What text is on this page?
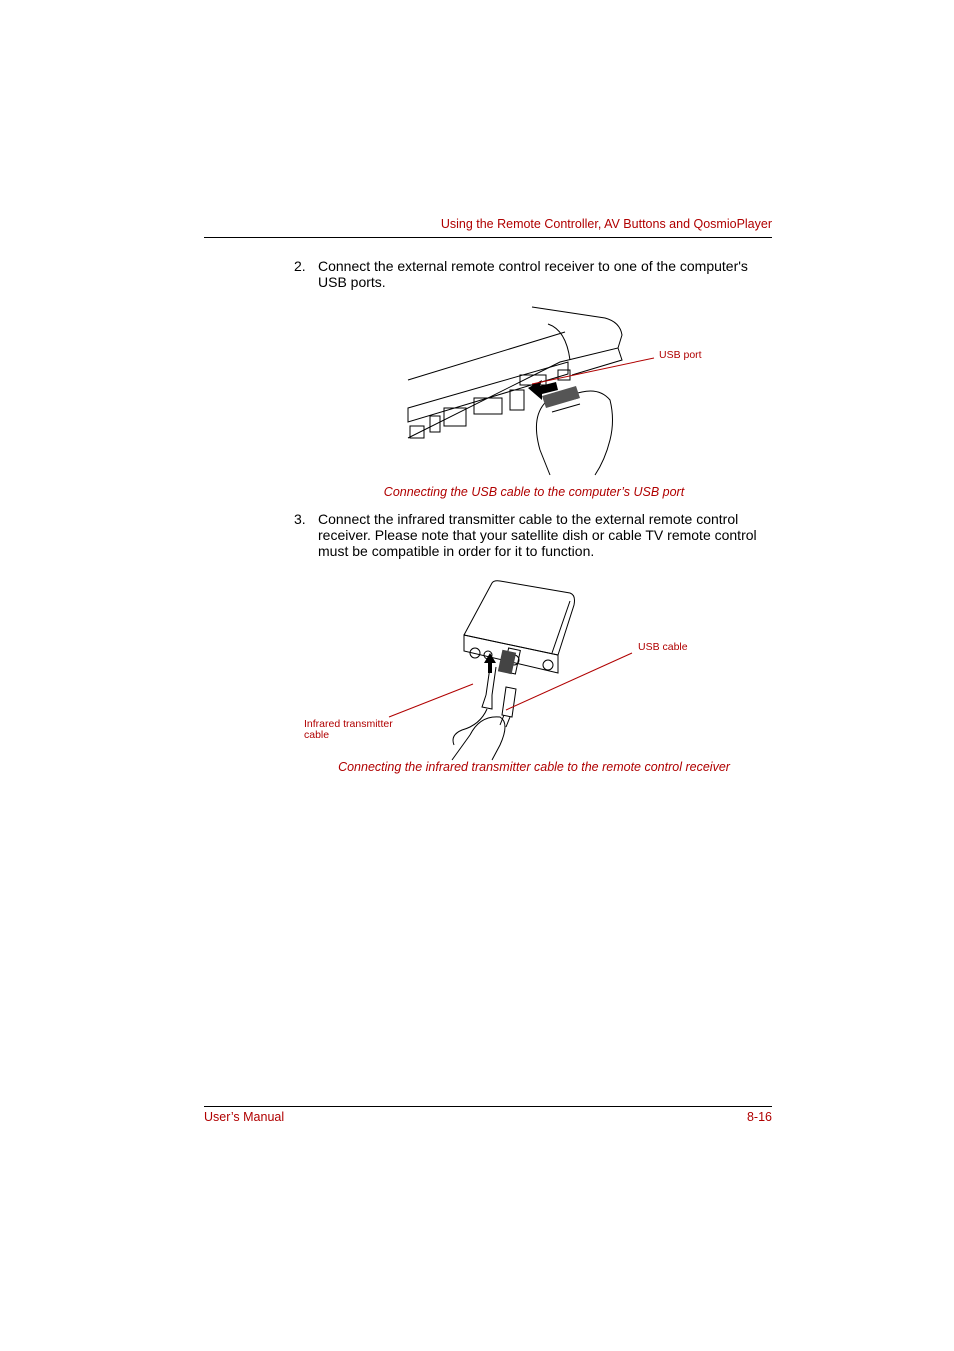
Using the Remote Controller, AV Buttons and QosmioPlayer
2. Connect the external remote control receiver to one of the computer's USB ports.
USB port
Connecting the USB cable to the computer’s USB port
3. Connect the infrared transmitter cable to the external remote control receiver. Please note that your satellite dish or cable TV remote control must be compatible in order for it to function.
USB cable
Infrared transmitter cable
Connecting the infrared transmitter cable to the remote control receiver
User’s Manual	8-16
